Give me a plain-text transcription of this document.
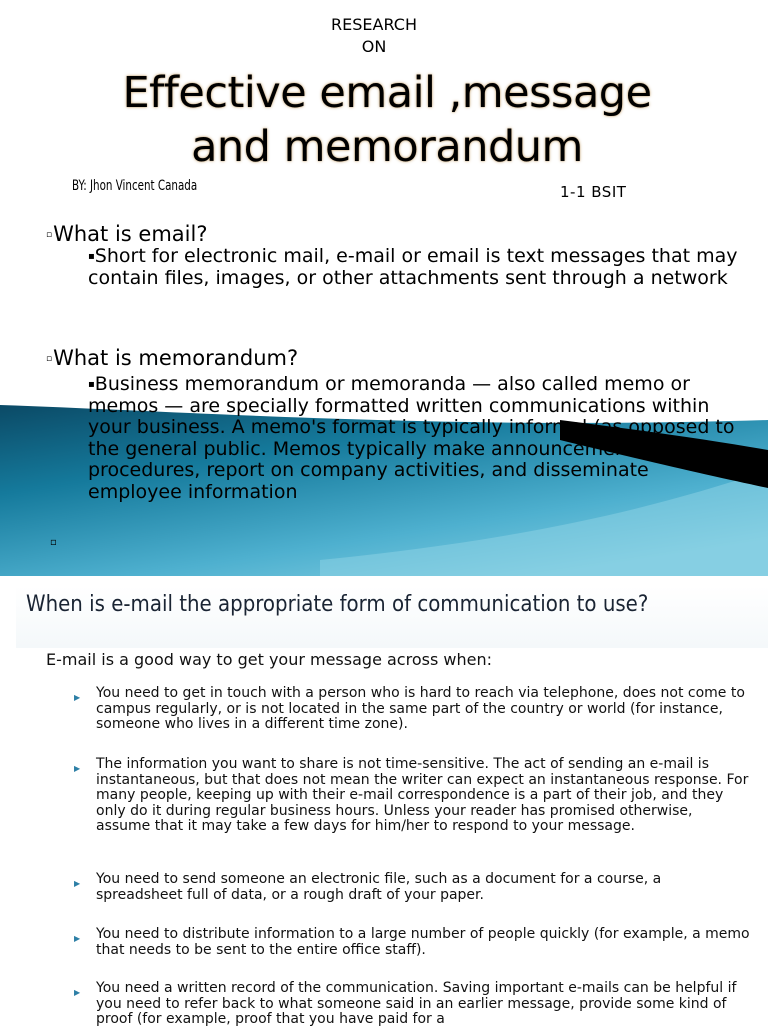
RESEARCH
ON
Effective email ,message
and memorandum
BY: Jhon Vincent Canada	1-1 BSIT
▫What is email?
▪Short for electronic mail, e-mail or email is text messages that may contain files, images, or other attachments sent through a network
▫What is memorandum?
▪Business memorandum or memoranda — also called memo or memos — are specially formatted written communications within your business. A memo's format is typically informal (as opposed to the general public. Memos typically make announcements, discuss procedures, report on company activities, and disseminate employee information
▫
When is e-mail the appropriate form of communication to use?
E-mail is a good way to get your message across when:
▶ You need to get in touch with a person who is hard to reach via telephone, does not come to campus regularly, or is not located in the same part of the country or world (for instance, someone who lives in a different time zone).
▶ The information you want to share is not time-sensitive. The act of sending an e-mail is instantaneous, but that does not mean the writer can expect an instantaneous response. For many people, keeping up with their e-mail correspondence is a part of their job, and they only do it during regular business hours. Unless your reader has promised otherwise, assume that it may take a few days for him/her to respond to your message.
▶ You need to send someone an electronic file, such as a document for a course, a spreadsheet full of data, or a rough draft of your paper.
▶ You need to distribute information to a large number of people quickly (for example, a memo that needs to be sent to the entire office staff).
▶ You need a written record of the communication. Saving important e-mails can be helpful if you need to refer back to what someone said in an earlier message, provide some kind of proof (for example, proof that you have paid for a
